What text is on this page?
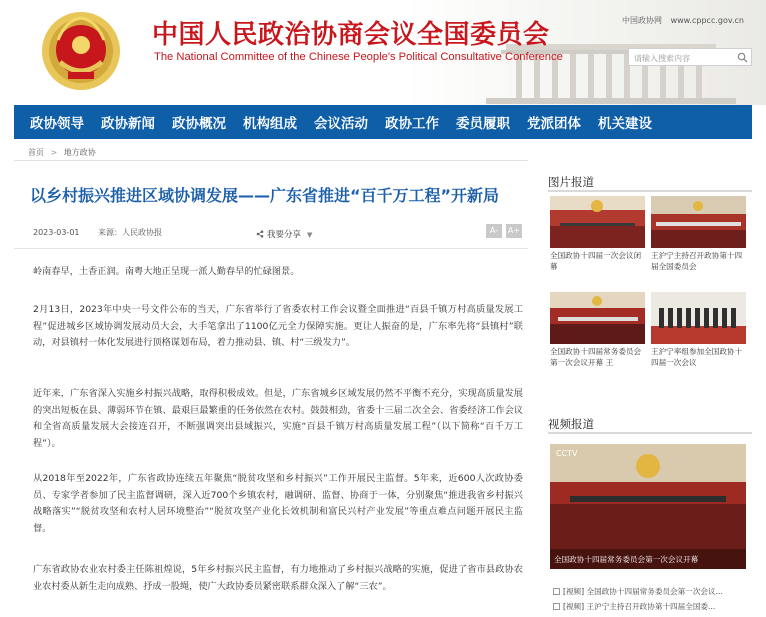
中国人民政治协商会议全国委员会
The National Committee of the Chinese People's Political Consultative Conference
中国政协网 www.cppcc.gov.cn
请输入搜索内容
政协领导	政协新闻	政协概况	机构组成	会议活动	政协工作	委员履职	党派团体	机关建设
首页 > 地方政协
以乡村振兴推进区域协调发展——广东省推进“百千万工程”开新局
2023-03-01 来源：人民政协报	我要分享 ▼	A-	A+
岭南春早，土香正润。南粤大地正呈现一派人勤春早的忙碌图景。
2月13日，2023年中央一号文件公布的当天，广东省举行了省委农村工作会议暨全面推进“百县千镇万村高质量发展工程”促进城乡区域协调发展动员大会，大手笔拿出了1100亿元全力保障实施。更让人振奋的是，广东率先将“县镇村”联动，对县镇村一体化发展进行顶格谋划布局，着力推动县、镇、村“三级发力”。
近年来，广东省深入实施乡村振兴战略，取得积极成效。但是，广东省城乡区域发展仍然不平衡不充分，实现高质量发展的突出短板在县、薄弱环节在镇、最艰巨最繁重的任务依然在农村。鼓鼓相劲，省委十三届二次全会、省委经济工作会议和全省高质量发展大会接连召开，不断强调突出县域振兴，实施“百县千镇万村高质量发展工程”（以下简称“百千万工程”）。
从2018年至2022年，广东省政协连续五年聚焦“脱贫攻坚和乡村振兴”工作开展民主监督。5年来，近600人次政协委员、专家学者参加了民主监督调研，深入近700个乡镇农村，融调研、监督、协商于一体，分别聚焦“推进我省乡村振兴战略落实”“脱贫攻坚和农村人居环境整治”“脱贫攻坚产业化长效机制和富民兴村产业发展”等重点难点问题开展民主监督。
广东省政协农业农村委主任陈祖煌说，5年乡村振兴民主监督，有力地推动了乡村振兴战略的实施，促进了省市县政协农业农村委从新生走向成熟、抒成一股绳，使广大政协委员紧密联系群众深入了解“三农”。
图片报道
全国政协十四届一次会议闭幕
王沪宁主持召开政协第十四届全国委员会
全国政协十四届常务委员会第一次会议开幕 王
王沪宁率组参加全国政协十四届一次会议
视频报道
CCTV
全国政协十四届常务委员会第一次会议开幕
[视频] 全国政协十四届常务委员会第一次会议...
[视频] 王沪宁主持召开政协第十四届全国委...
